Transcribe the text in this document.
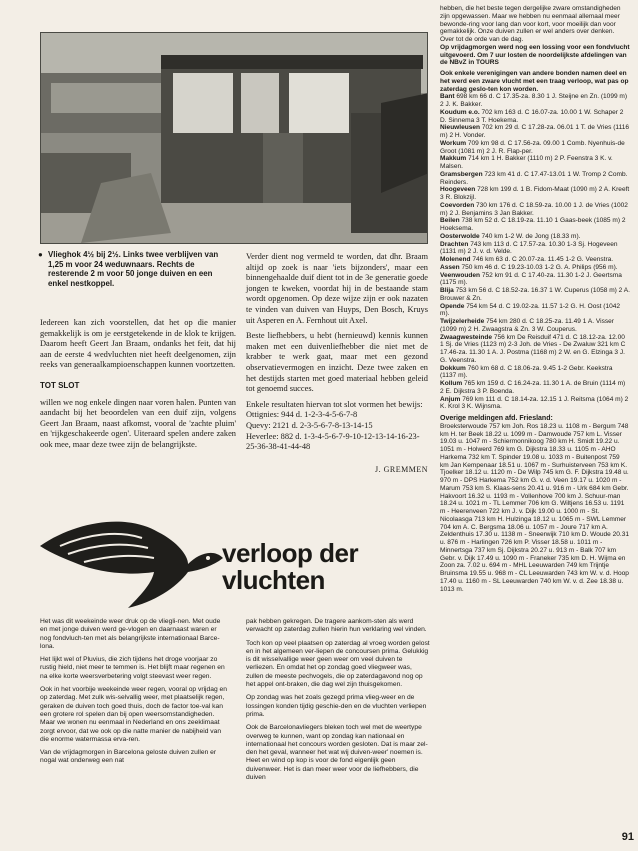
● Vlieghok 4½ bij 2½. Links twee verblijven van 1,25 m voor 24 weduwnaars. Rechts de resterende 2 m voor 50 jonge duiven en een enkel nestkoppel.

Iedereen kan zich voorstellen, dat het op die manier gemakkelijk is om je eerstgetekende in de klok te krijgen. Daarom heeft Geert Jan Braam, ondanks het feit, dat hij aan de eerste 4 wedvluchten niet heeft deelgenomen, zijn reeks van generaalkampioenschappen kunnen voortzetten.

TOT SLOT

willen we nog enkele dingen naar voren halen. Punten van aandacht bij het beoordelen van een duif zijn, volgens Geert Jan Braam, naast afkomst, vooral de 'zachte pluim' en 'rijkgeschakeerde ogen'. Uiteraard spelen andere zaken ook mee, maar deze twee zijn de belangrijkste.

Verder dient nog vermeld te worden, dat dhr. Braam altijd op zoek is naar 'iets bijzonders', maar een binnengehaalde duif dient tot in de 3e generatie goede jongen te kweken, voordat hij in de bestaande stam wordt opgenomen. Op deze wijze zijn er ook nazaten te vinden van duiven van Huyps, Den Bosch, Kruys uit Asperen en A. Fernhout uit Axel.

Beste liefhebbers, u hebt (hernieuwd) kennis kunnen maken met een duivenliefhebber die niet met de krabber te werk gaat, maar met een gezond observatievermogen en inzicht. Deze twee zaken en het destijds starten met goed materiaal hebben geleid tot genoemd succes.

Enkele resultaten hiervan tot slot vormen het bewijs:

Ottignies: 944 d. 1-2-3-4-5-6-7-8
Quevy: 2121 d. 2-3-5-6-7-8-13-14-15
Heverlee: 882 d. 1-3-4-5-6-7-9-10-12-13-14-16-23-25-36-38-41-44-48
J. GREMMEN
verloop der
vluchten

Het was dit weekeinde weer druk op de vliegli-nen. Met oude en met jonge duiven werd ge-vlogen en daarnaast waren er nog fondvluch-ten met als belangrijkste internationaal Barce-lona.

Het lijkt wel of Pluvius, die zich tijdens het droge voorjaar zo rustig hield, niet meer te temmen is. Het blijft maar regenen en na elke korte weersverbetering volgt steevast weer regen.

Ook in het voorbije weekeinde weer regen, vooral op vrijdag en op zaterdag. Met zulk wis-selvallig weer, met plaatselijk regen, geraken de duiven toch goed thuis, doch de factor toe-val kan een grotere rol spelen dan bij open weersomstandigheden. Maar we wonen nu eenmaal in Nederland en ons zeeklimaat zorgt ervoor, dat we ook op die natte manier de nabijheid van die enorme watermassa erva-ren.

Van de vrijdagmorgen in Barcelona geloste duiven zullen er nogal wat onderweg een nat

pak hebben gekregen. De tragere aankom-sten als werd verwacht op zaterdag zullen hierin hun verklaring wel vinden.

Toch kon op veel plaatsen op zaterdag al vroeg worden gelost en in het algemeen ver-liepen de concoursen prima. Gelukkig is dit wisselvallige weer geen weer om veel duiven te verliezen. En omdat het op zondag goed vliegweer was, zullen de meeste pechvogels, die op zaterdagavond nog op het appel ont-braken, die dag wel zijn thuisgekomen.

Op zondag was het zoals gezegd prima vlieg-weer en de lossingen konden tijdig geschie-den en de vluchten verliepen prima.

Ook de Barcelonavliegers bleken toch wel met de weertype overweg te kunnen, want op zondag kan nationaal en internationaal het concours worden gesloten. Dat is maar zel-den het geval, wanneer het wat wij duiven-weer' noemen is. Heet en wind op kop is voor de fond eigenlijk geen duivenweer. Het is dan meer weer voor de liefhebbers, die duiven

hebben, die het beste tegen dergelijke zware omstandigheden zijn opgewassen. Maar we hebben nu eenmaal allemaal meer bewonde-ring voor lang dan voor kort, voor moeilijk dan voor gemakkelijk. Onze duiven zullen er wel anders over denken.
Over tot de orde van de dag.
Op vrijdagmorgen werd nog een lossing voor een fondvlucht uitgevoerd. Om 7 uur losten de noordelijkste afdelingen van de NBvZ in TOURS
Ook enkele verenigingen van andere bonden namen deel en het werd een zware vlucht met een traag verloop, wat pas op zaterdag geslo-ten kon worden.
Bant 698 km 66 d. C 17.35-za. 8.30 1 J. Steijne en Zn. (1099 m) 2 J. K. Bakker.
Koudum e.o. 702 km 163 d. C 16.07-za. 10.00 1 W. Schaper 2 D. Sinnema 3 T. Hoekema.
Nieuwleusen 702 km 29 d. C 17.28-za. 06.01 1 T. de Vries (1116 m) 2 H. Vonder.
Workum 709 km 98 d. C 17.56-za. 09.00 1 Comb. Nyenhuis-de Groot (1081 m) 2 J. R. Flap-per.
Makkum 714 km 1 H. Bakker (1110 m) 2 P. Feenstra 3 K. v. Malsen.
Gramsbergen 723 km 41 d. C 17.47-13.01 1 W. Tromp 2 Comb. Reinders.
Hoogeveen 728 km 199 d. 1 B. Fidom-Maat (1090 m) 2 A. Kreeft 3 R. Blokzijl.
Coevorden 730 km 176 d. C 18.59-za. 10.00 1 J. de Vries (1002 m) 2 J. Benjamins 3 Jan Bakker.
Beilen 738 km 52 d. C 18.19-za. 11.10 1 Gaas-beek (1085 m) 2 Hoeksema.
Oosterwolde 740 km 1-2 W. de Jong (18.33 m).
Drachten 743 km 113 d. C 17.57-za. 10.30 1-3 Sj. Hogeveen (1131 m) 2 J. v. d. Velde.
Molenend 746 km 63 d. C 20.07-za. 11.45 1-2 G. Veenstra.
Assen 750 km 46 d. C 19.23-10.03 1-2 G. A. Philips (956 m).
Veenwouden 752 km 91 d. C 17.40-za. 11.30 1-2 J. Geertsma (1175 m).
Blija 753 km 56 d. C 18.52-za. 16.37 1 W. Cuperus (1058 m) 2 A. Brouwer & Zn.
Opende 754 km 54 d. C 19.02-za. 11.57 1-2 G. H. Oost (1042 m).
Twijzelerheide 754 km 280 d. C 18.25-za. 11.49 1 A. Visser (1099 m) 2 H. Zwaagstra & Zn. 3 W. Couperus.
Zwaagwesteinde 756 km De Reisduif 471 d. C 18.12-za. 12.00 1 Sj. de Vries (1123 m) 2-3 Joh. de Vries - De Zwaluw 321 km C 17.46-za. 11.30 1 A. J. Postma (1168 m) 2 W. en G. Elzinga 3 J. G. Veenstra.
Dokkum 760 km 68 d. C 18.06-za. 9.45 1-2 Gebr. Keekstra (1137 m).
Kollum 765 km 159 d. C 16.24-za. 11.30 1 A. de Bruin (1114 m) 2 E. Dijkstra 3 P. Boenda.
Anjum 769 km 111 d. C 18.14-za. 12.15 1 J. Reitsma (1064 m) 2 K. Krol 3 K. Wijnsma.
Overige meldingen afd. Friesland:
Broeksterwoude 757 km Joh. Ros 18.23 u. 1108 m - Bergum 748 km H. ter Beek 18.22 u. 1099 m - Damwoude 757 km L. Visser 19.03 u. 1047 m - Schiermonnikoog 780 km H. Smidt 19.22 u. 1051 m - Holwerd 769 km G. Dijkstra 18.33 u. 1105 m - AHO Harkema 732 km T. Spinder 19.08 u. 1033 m - Buitenpost 759 km Jan Kempenaar 18.51 u. 1067 m - Surhuisterveen 753 km K. Tjoelker 18.12 u. 1120 m - De Wilp 745 km G. F. Dijkstra 19.48 u. 970 m - DPS Harkema 752 km G. v. d. Veen 19.17 u. 1020 m - Marum 753 km S. Klaas-sens 20.41 u. 916 m - Urk 684 km Gebr. Hakvoort 16.32 u. 1193 m - Vollenhove 700 km J. Schuur-man 18.24 u. 1021 m - TL Lemmer 706 km G. Wiltjens 16.53 u. 1191 m - Heerenveen 722 km J. v. Dijk 19.00 u. 1000 m - St. Nicolaasga 713 km H. Hulzinga 18.12 u. 1065 m - SWL Lemmer 704 km A. C. Bergsma 18.06 u. 1057 m - Joure 717 km A. Zeldenthuis 17.30 u. 1138 m - Sneerwijk 710 km D. Woude 20.31 u. 876 m - Harlingen 726 km P. Visser 18.58 u. 1011 m - Minnertsga 737 km Sj. Dijkstra 20.27 u. 913 m - Balk 707 km Gebr. v. Dijk 17.49 u. 1090 m - Franeker 735 km D. H. Wijma en Zoon za. 7.02 u. 694 m - MHL Leeuwarden 749 km Trijntje Bruinsma 19.55 u. 968 m - CL Leeuwarden 743 km W. v. d. Hoop 17.40 u. 1160 m - SL Leeuwarden 740 km W. v. d. Zee 18.38 u. 1013 m.
91
